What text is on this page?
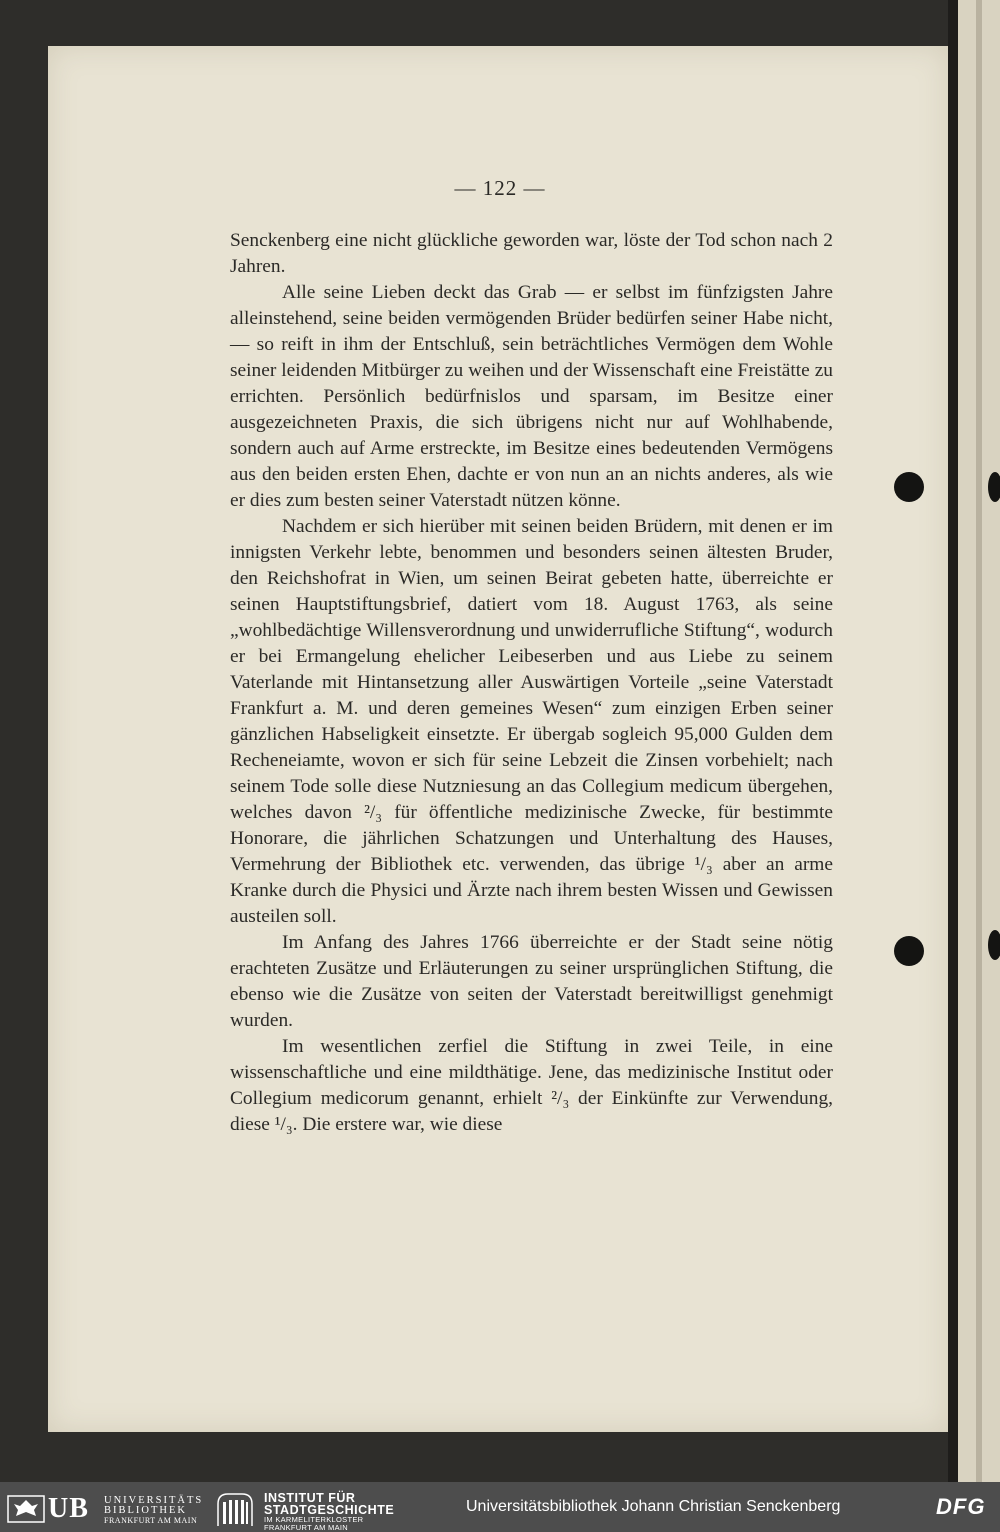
— 122 —

Senckenberg eine nicht glückliche geworden war, löste der Tod schon nach 2 Jahren.

Alle seine Lieben deckt das Grab — er selbst im fünfzigsten Jahre alleinstehend, seine beiden vermögenden Brüder bedürfen seiner Habe nicht, — so reift in ihm der Entschluß, sein beträchtliches Vermögen dem Wohle seiner leidenden Mitbürger zu weihen und der Wissenschaft eine Freistätte zu errichten. Persönlich bedürfnislos und sparsam, im Besitze einer ausgezeichneten Praxis, die sich übrigens nicht nur auf Wohlhabende, sondern auch auf Arme erstreckte, im Besitze eines bedeutenden Vermögens aus den beiden ersten Ehen, dachte er von nun an an nichts anderes, als wie er dies zum besten seiner Vaterstadt nützen könne.

Nachdem er sich hierüber mit seinen beiden Brüdern, mit denen er im innigsten Verkehr lebte, benommen und besonders seinen ältesten Bruder, den Reichshofrat in Wien, um seinen Beirat gebeten hatte, überreichte er seinen Hauptstiftungsbrief, datiert vom 18. August 1763, als seine „wohlbedächtige Willensverordnung und unwiderrufliche Stiftung“, wodurch er bei Ermangelung ehelicher Leibeserben und aus Liebe zu seinem Vaterlande mit Hintansetzung aller Auswärtigen Vorteile „seine Vaterstadt Frankfurt a. M. und deren gemeines Wesen“ zum einzigen Erben seiner gänzlichen Habseligkeit einsetzte. Er übergab sogleich 95,000 Gulden dem Recheneiamte, wovon er sich für seine Lebzeit die Zinsen vorbehielt; nach seinem Tode solle diese Nutzniesung an das Collegium medicum übergehen, welches davon ²/₃ für öffentliche medizinische Zwecke, für bestimmte Honorare, die jährlichen Schatzungen und Unterhaltung des Hauses, Vermehrung der Bibliothek etc. verwenden, das übrige ¹/₃ aber an arme Kranke durch die Physici und Ärzte nach ihrem besten Wissen und Gewissen austeilen soll.

Im Anfang des Jahres 1766 überreichte er der Stadt seine nötig erachteten Zusätze und Erläuterungen zu seiner ursprünglichen Stiftung, die ebenso wie die Zusätze von seiten der Vaterstadt bereitwilligst genehmigt wurden.

Im wesentlichen zerfiel die Stiftung in zwei Teile, in eine wissenschaftliche und eine mildthätige. Jene, das medizinische Institut oder Collegium medicorum genannt, erhielt ²/₃ der Einkünfte zur Verwendung, diese ¹/₃. Die erstere war, wie diese

UB UNIVERSITÄTS
BIBLIOTHEK
FRANKFURT AM MAIN
INSTITUT FÜR
STADTGESCHICHTE
IM KARMELITERKLOSTER
FRANKFURT AM MAIN
Universitätsbibliothek Johann Christian Senckenberg	DFG
